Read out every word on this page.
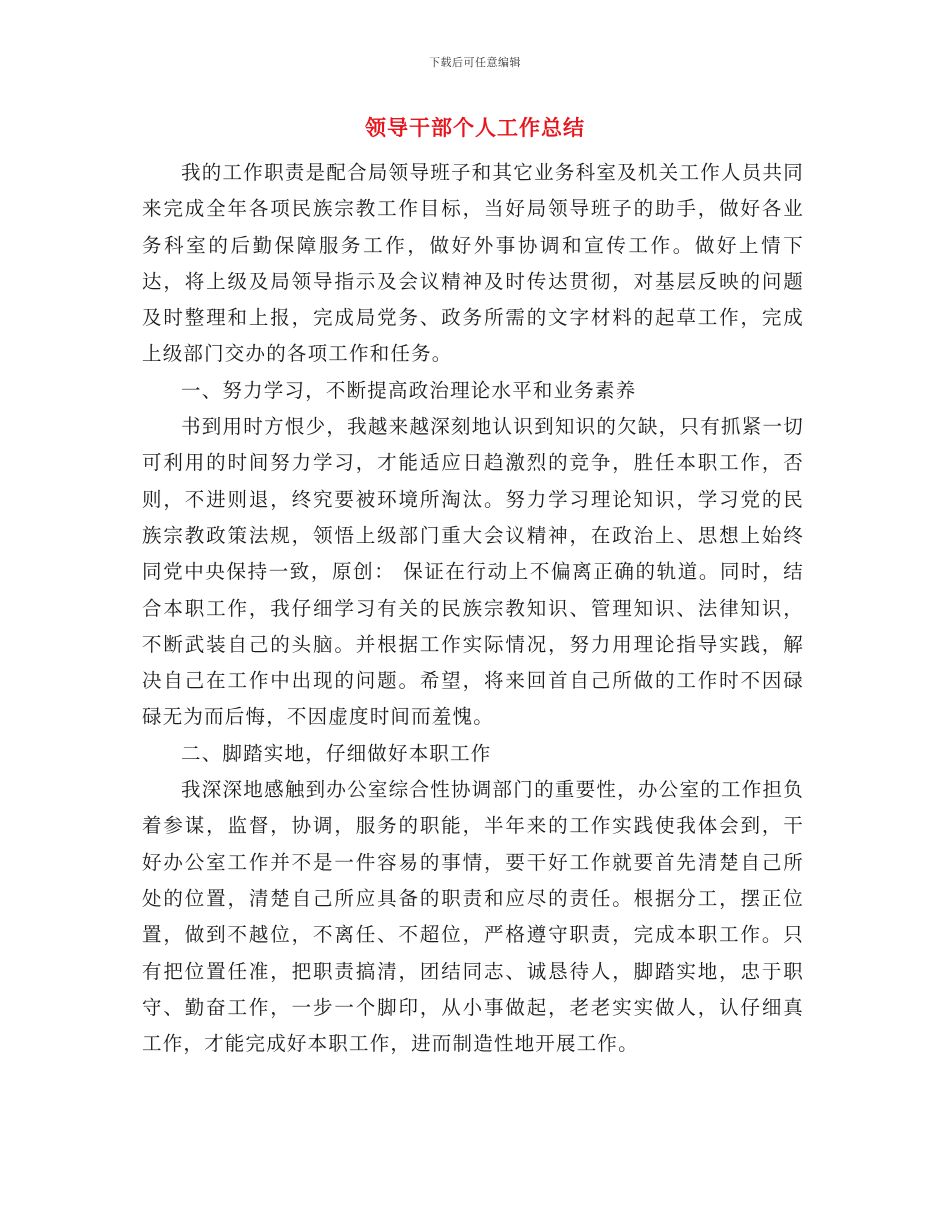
下载后可任意编辑
领导干部个人工作总结

我的工作职责是配合局领导班子和其它业务科室及机关工作人员共同来完成全年各项民族宗教工作目标，当好局领导班子的助手，做好各业务科室的后勤保障服务工作，做好外事协调和宣传工作。做好上情下达，将上级及局领导指示及会议精神及时传达贯彻，对基层反映的问题及时整理和上报，完成局党务、政务所需的文字材料的起草工作，完成上级部门交办的各项工作和任务。

一、努力学习，不断提高政治理论水平和业务素养

书到用时方恨少，我越来越深刻地认识到知识的欠缺，只有抓紧一切可利用的时间努力学习，才能适应日趋激烈的竞争，胜任本职工作，否则，不进则退，终究要被环境所淘汰。努力学习理论知识，学习党的民族宗教政策法规，领悟上级部门重大会议精神，在政治上、思想上始终同党中央保持一致，原创： 保证在行动上不偏离正确的轨道。同时，结合本职工作，我仔细学习有关的民族宗教知识、管理知识、法律知识，不断武装自己的头脑。并根据工作实际情况，努力用理论指导实践，解决自己在工作中出现的问题。希望，将来回首自己所做的工作时不因碌碌无为而后悔，不因虚度时间而羞愧。

二、脚踏实地，仔细做好本职工作

我深深地感触到办公室综合性协调部门的重要性，办公室的工作担负着参谋，监督，协调，服务的职能，半年来的工作实践使我体会到，干好办公室工作并不是一件容易的事情，要干好工作就要首先清楚自己所处的位置，清楚自己所应具备的职责和应尽的责任。根据分工，摆正位置，做到不越位，不离任、不超位，严格遵守职责，完成本职工作。只有把位置任准，把职责搞清，团结同志、诚恳待人，脚踏实地，忠于职守、勤奋工作，一步一个脚印，从小事做起，老老实实做人，认仔细真工作，才能完成好本职工作，进而制造性地开展工作。
